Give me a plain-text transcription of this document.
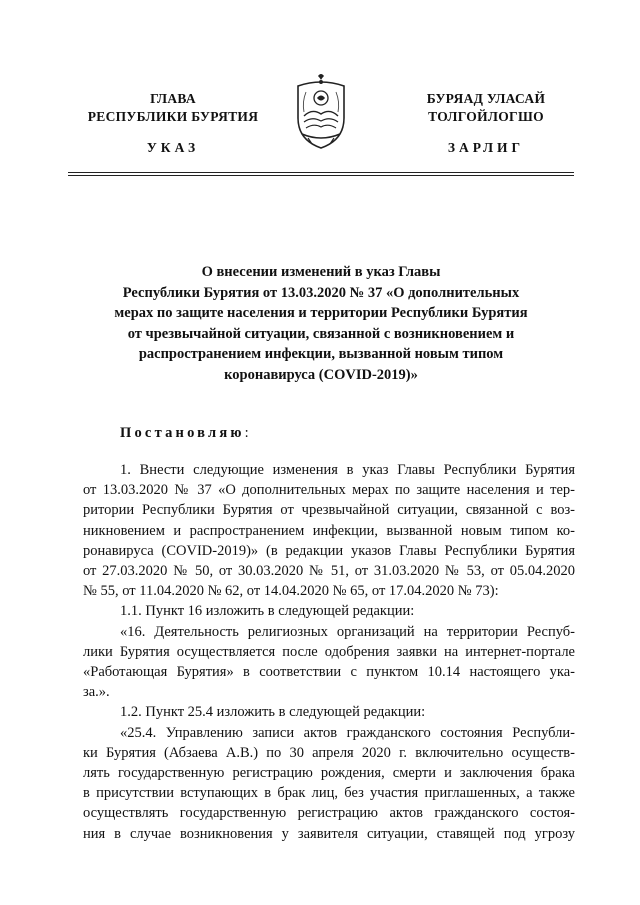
ГЛАВА
РЕСПУБЛИКИ БУРЯТИЯ
БУРЯАД УЛАСАЙ
ТОЛГОЙЛОГШО
УКАЗ	ЗАРЛИГ
О внесении изменений в указ Главы
Республики Бурятия от 13.03.2020 № 37 «О дополнительных
мерах по защите населения и территории Республики Бурятия
от чрезвычайной ситуации, связанной с возникновением и
распространением инфекции, вызванной новым типом
коронавируса (COVID-2019)»
Постановляю:
1. Внести следующие изменения в указ Главы Республики Бурятия
от 13.03.2020 № 37 «О дополнительных мерах по защите населения и тер-
ритории Республики Бурятия от чрезвычайной ситуации, связанной с воз-
никновением и распространением инфекции, вызванной новым типом ко-
ронавируса (COVID-2019)» (в редакции указов Главы Республики Бурятия
от 27.03.2020 № 50, от 30.03.2020 № 51, от 31.03.2020 № 53, от 05.04.2020
№ 55, от 11.04.2020 № 62, от 14.04.2020 № 65, от 17.04.2020 № 73):
1.1. Пункт 16 изложить в следующей редакции:
«16. Деятельность религиозных организаций на территории Респуб-
лики Бурятия осуществляется после одобрения заявки на интернет-портале
«Работающая Бурятия» в соответствии с пунктом 10.14 настоящего ука-
за.».
1.2. Пункт 25.4 изложить в следующей редакции:
«25.4. Управлению записи актов гражданского состояния Республи-
ки Бурятия (Абзаева А.В.) по 30 апреля 2020 г. включительно осуществ-
лять государственную регистрацию рождения, смерти и заключения брака
в присутствии вступающих в брак лиц, без участия приглашенных, а также
осуществлять государственную регистрацию актов гражданского состоя-
ния в случае возникновения у заявителя ситуации, ставящей под угрозу
